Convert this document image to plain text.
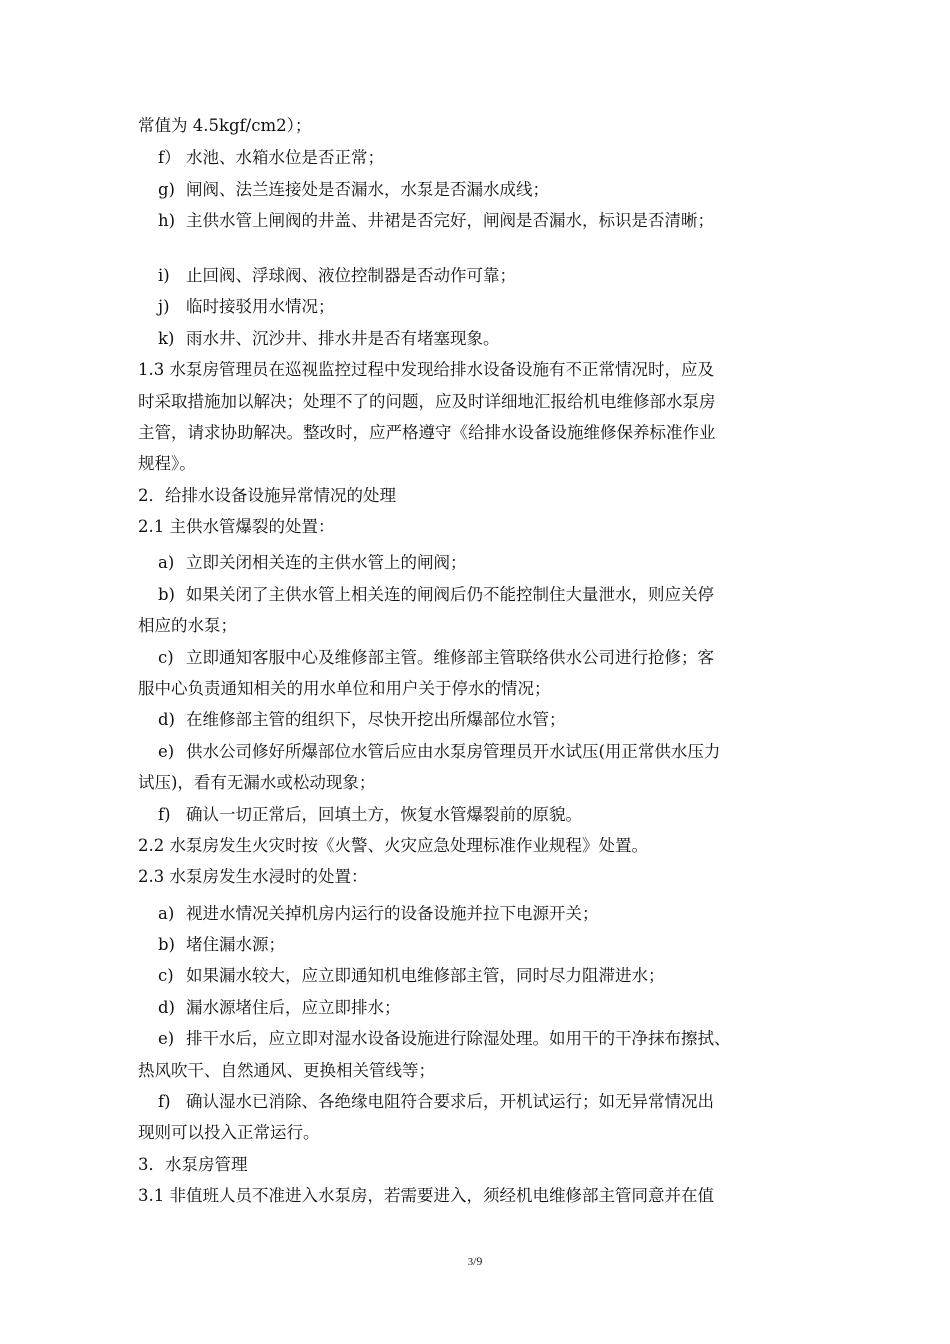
常值为 4.5kgf/cm2）；
f） 水池、水箱水位是否正常；
g) 闸阀、法兰连接处是否漏水，水泵是否漏水成线；
h) 主供水管上闸阀的井盖、井裙是否完好，闸阀是否漏水，标识是否清晰；
i) 止回阀、浮球阀、液位控制器是否动作可靠；
j) 临时接驳用水情况；
k) 雨水井、沉沙井、排水井是否有堵塞现象。
1.3 水泵房管理员在巡视监控过程中发现给排水设备设施有不正常情况时，应及
时采取措施加以解决；处理不了的问题，应及时详细地汇报给机电维修部水泵房
主管，请求协助解决。整改时，应严格遵守《给排水设备设施维修保养标准作业
规程》。
2．给排水设备设施异常情况的处理
2.1 主供水管爆裂的处置：
a) 立即关闭相关连的主供水管上的闸阀；
b) 如果关闭了主供水管上相关连的闸阀后仍不能控制住大量泄水，则应关停
相应的水泵；
c) 立即通知客服中心及维修部主管。维修部主管联络供水公司进行抢修；客
服中心负责通知相关的用水单位和用户关于停水的情况；
d) 在维修部主管的组织下，尽快开挖出所爆部位水管；
e) 供水公司修好所爆部位水管后应由水泵房管理员开水试压(用正常供水压力
试压)，看有无漏水或松动现象；
f) 确认一切正常后，回填土方，恢复水管爆裂前的原貌。
2.2 水泵房发生火灾时按《火警、火灾应急处理标准作业规程》处置。
2.3 水泵房发生水浸时的处置：
a) 视进水情况关掉机房内运行的设备设施并拉下电源开关；
b) 堵住漏水源；
c) 如果漏水较大，应立即通知机电维修部主管，同时尽力阻滞进水；
d) 漏水源堵住后，应立即排水；
e) 排干水后，应立即对湿水设备设施进行除湿处理。如用干的干净抹布擦拭、
热风吹干、自然通风、更换相关管线等；
f) 确认湿水已消除、各绝缘电阻符合要求后，开机试运行；如无异常情况出
现则可以投入正常运行。
3．水泵房管理
3.1 非值班人员不准进入水泵房，若需要进入，须经机电维修部主管同意并在值
3/9
